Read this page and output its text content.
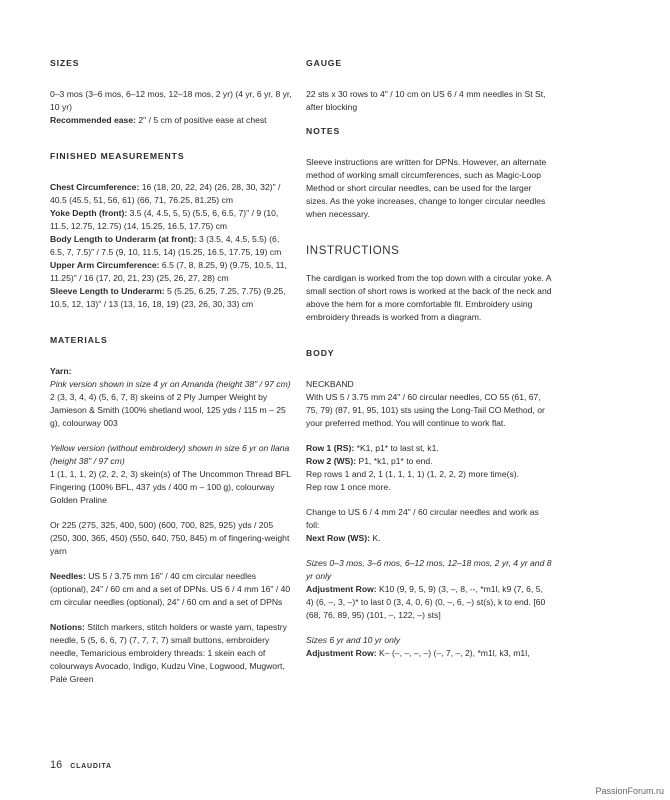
SIZES

0–3 mos (3–6 mos, 6–12 mos, 12–18 mos, 2 yr) (4 yr, 6 yr, 8 yr, 10 yr)

Recommended ease: 2" / 5 cm of positive ease at chest

FINISHED MEASUREMENTS

Chest Circumference: 16 (18, 20, 22, 24) (26, 28, 30, 32)" / 40.5 (45.5, 51, 56, 61) (66, 71, 76.25, 81.25) cm

Yoke Depth (front): 3.5 (4, 4.5, 5, 5) (5.5, 6, 6.5, 7)" / 9 (10, 11.5, 12.75, 12.75) (14, 15.25, 16.5, 17.75) cm

Body Length to Underarm (at front): 3 (3.5, 4, 4.5, 5.5) (6, 6.5, 7, 7.5)" / 7.5 (9, 10, 11.5, 14) (15.25, 16.5, 17.75, 19) cm

Upper Arm Circumference: 6.5 (7, 8, 8.25, 9) (9.75, 10.5, 11, 11.25)" / 16 (17, 20, 21, 23) (25, 26, 27, 28) cm

Sleeve Length to Underarm: 5 (5.25, 6.25, 7.25, 7.75) (9.25, 10.5, 12, 13)" / 13 (13, 16, 18, 19) (23, 26, 30, 33) cm

MATERIALS

Yarn:

Pink version shown in size 4 yr on Amanda (height 38" / 97 cm)

2 (3, 3, 4, 4) (5, 6, 7, 8) skeins of 2 Ply Jumper Weight by Jamieson & Smith (100% shetland wool, 125 yds / 115 m – 25 g), colourway 003

Yellow version (without embroidery) shown in size 6 yr on Ilana (height 38" / 97 cm)

1 (1, 1, 1, 2) (2, 2, 2, 3) skein(s) of The Uncommon Thread BFL Fingering (100% BFL, 437 yds / 400 m – 100 g), colourway Golden Praline

Or 225 (275, 325, 400, 500) (600, 700, 825, 925) yds / 205 (250, 300, 365, 450) (550, 640, 750, 845) m of fingering-weight yarn

Needles: US 5 / 3.75 mm 16" / 40 cm circular needles (optional), 24" / 60 cm and a set of DPNs. US 6 / 4 mm 16" / 40 cm circular needles (optional), 24" / 60 cm and a set of DPNs

Notions: Stitch markers, stitch holders or waste yarn, tapestry needle, 5 (5, 6, 6, 7) (7, 7, 7, 7) small buttons, embroidery needle, Temaricious embroidery threads: 1 skein each of colourways Avocado, Indigo, Kudzu Vine, Logwood, Mugwort, Pale Green

GAUGE

22 sts x 30 rows to 4" / 10 cm on US 6 / 4 mm needles in St St, after blocking

NOTES

Sleeve instructions are written for DPNs. However, an alternate method of working small circumferences, such as Magic-Loop Method or short circular needles, can be used for the larger sizes. As the yoke increases, change to longer circular needles when necessary.

INSTRUCTIONS

The cardigan is worked from the top down with a circular yoke. A small section of short rows is worked at the back of the neck and above the hem for a more comfortable fit. Embroidery using embroidery threads is worked from a diagram.

BODY

NECKBAND

With US 5 / 3.75 mm 24" / 60 circular needles, CO 55 (61, 67, 75, 79) (87, 91, 95, 101) sts using the Long-Tail CO Method, or your preferred method. You will continue to work flat.

Row 1 (RS): *K1, p1* to last st, k1.

Row 2 (WS): P1, *k1, p1* to end.

Rep rows 1 and 2, 1 (1, 1, 1, 1) (1, 2, 2, 2) more time(s).

Rep row 1 once more.

Change to US 6 / 4 mm 24" / 60 circular needles and work as foll:

Next Row (WS): K.

Sizes 0–3 mos, 3–6 mos, 6–12 mos, 12–18 mos, 2 yr, 4 yr and 8 yr only

Adjustment Row: K10 (9, 9, 5, 9) (3, –, 8, --, *m1l, k9 (7, 6, 5, 4) (6, –, 3, –)* to last 0 (3, 4, 0, 6) (0, –, 6, –) st(s), k to end. [60 (68, 76, 89, 95) (101, –, 122, –) sts]

Sizes 6 yr and 10 yr only

Adjustment Row: K– (–, –, –, –) (–, 7, –, 2), *m1l, k3, m1l,

16 CLAUDITA
PassionForum.ru
